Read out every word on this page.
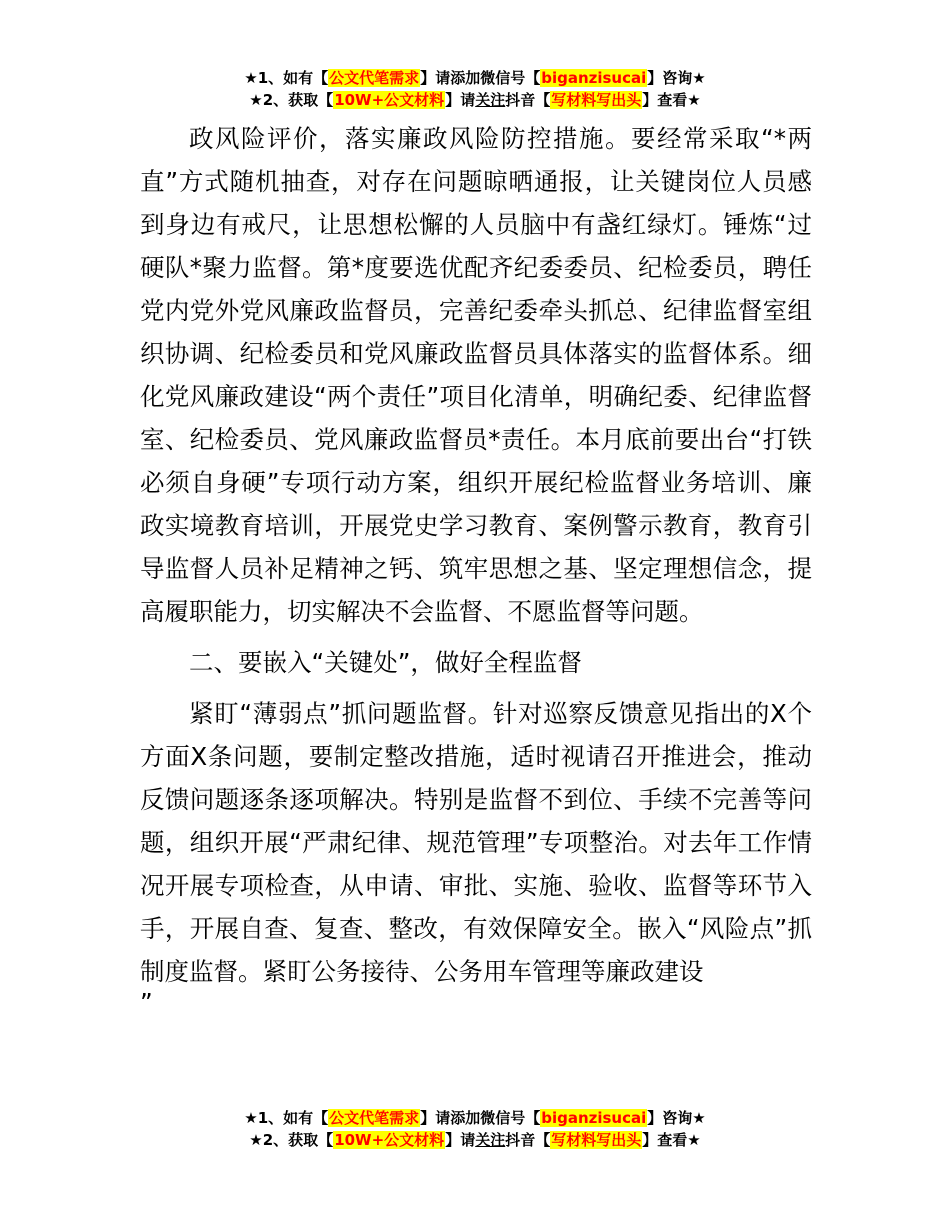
★1、如有【公文代笔需求】请添加微信号【biganzisucai】咨询★
★2、获取【10W+公文材料】请关注抖音【写材料写出头】查看★

政风险评价，落实廉政风险防控措施。要经常采取“*两直”方式随机抽查，对存在问题晾晒通报，让关键岗位人员感到身边有戒尺，让思想松懈的人员脑中有盏红绿灯。锤炼“过硬队*聚力监督。第*度要选优配齐纪委委员、纪检委员，聘任党内党外党风廉政监督员，完善纪委牵头抓总、纪律监督室组织协调、纪检委员和党风廉政监督员具体落实的监督体系。细化党风廉政建设“两个责任”项目化清单，明确纪委、纪律监督室、纪检委员、党风廉政监督员*责任。本月底前要出台“打铁必须自身硬”专项行动方案，组织开展纪检监督业务培训、廉政实境教育培训，开展党史学习教育、案例警示教育，教育引导监督人员补足精神之钙、筑牢思想之基、坚定理想信念，提高履职能力，切实解决不会监督、不愿监督等问题。

二、要嵌入“关键处”，做好全程监督

紧盯“薄弱点”抓问题监督。针对巡察反馈意见指出的X个方面X条问题，要制定整改措施，适时视请召开推进会，推动反馈问题逐条逐项解决。特别是监督不到位、手续不完善等问题，组织开展“严肃纪律、规范管理”专项整治。对去年工作情况开展专项检查，从申请、审批、实施、验收、监督等环节入手，开展自查、复查、整改，有效保障安全。嵌入“风险点”抓制度监督。紧盯公务接待、公务用车管理等廉政建设

”

★1、如有【公文代笔需求】请添加微信号【biganzisucai】咨询★
★2、获取【10W+公文材料】请关注抖音【写材料写出头】查看★
